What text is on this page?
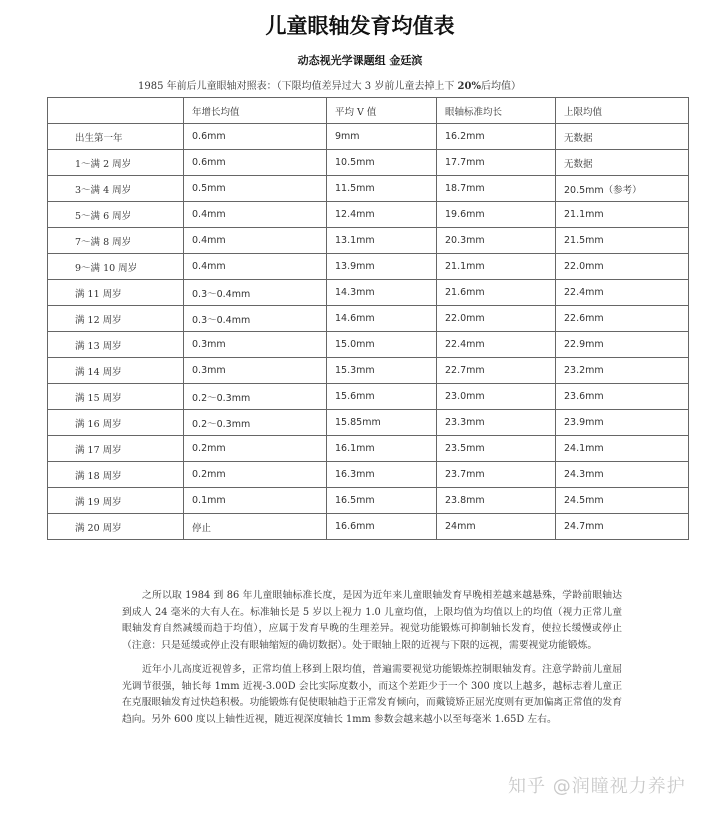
儿童眼轴发育均值表
动态视光学课题组 金廷滨
1985 年前后儿童眼轴对照表：（下限均值差异过大 3 岁前儿童去掉上下 20%后均值）
	年增长均值	平均 V 值	眼轴标准均长	上限均值
出生第一年	0.6mm	9mm	16.2mm	无数据
1～满 2 周岁	0.6mm	10.5mm	17.7mm	无数据
3～满 4 周岁	0.5mm	11.5mm	18.7mm	20.5mm（参考）
5～满 6 周岁	0.4mm	12.4mm	19.6mm	21.1mm
7～满 8 周岁	0.4mm	13.1mm	20.3mm	21.5mm
9～满 10 周岁	0.4mm	13.9mm	21.1mm	22.0mm
满 11 周岁	0.3～0.4mm	14.3mm	21.6mm	22.4mm
满 12 周岁	0.3～0.4mm	14.6mm	22.0mm	22.6mm
满 13 周岁	0.3mm	15.0mm	22.4mm	22.9mm
满 14 周岁	0.3mm	15.3mm	22.7mm	23.2mm
满 15 周岁	0.2～0.3mm	15.6mm	23.0mm	23.6mm
满 16 周岁	0.2～0.3mm	15.85mm	23.3mm	23.9mm
满 17 周岁	0.2mm	16.1mm	23.5mm	24.1mm
满 18 周岁	0.2mm	16.3mm	23.7mm	24.3mm
满 19 周岁	0.1mm	16.5mm	23.8mm	24.5mm
满 20 周岁	停止	16.6mm	24mm	24.7mm
之所以取 1984 到 86 年儿童眼轴标准长度，是因为近年来儿童眼轴发育早晚相差越来越悬殊，学龄前眼轴达到成人 24 毫米的大有人在。标准轴长是 5 岁以上视力 1.0 儿童均值，上限均值为均值以上的均值（视力正常儿童眼轴发育自然减缓而趋于均值），应属于发育早晚的生理差异。视觉功能锻炼可抑制轴长发育，使拉长缓慢或停止（注意：只是延缓或停止没有眼轴缩短的确切数据）。处于眼轴上限的近视与下限的远视，需要视觉功能锻炼。
近年小儿高度近视曾多，正常均值上移到上限均值，普遍需要视觉功能锻炼控制眼轴发育。注意学龄前儿童屈光调节很强，轴长每 1mm 近视-3.00D 会比实际度数小，而这个差距少于一个 300 度以上越多，越标志着儿童正在克服眼轴发育过快趋积极。功能锻炼有促使眼轴趋于正常发育倾向，而戴镜矫正屈光度则有更加偏离正常值的发育趋向。另外 600 度以上轴性近视，随近视深度轴长 1mm 参数会越来越小以至每毫米 1.65D 左右。
知乎 @润瞳视力养护
